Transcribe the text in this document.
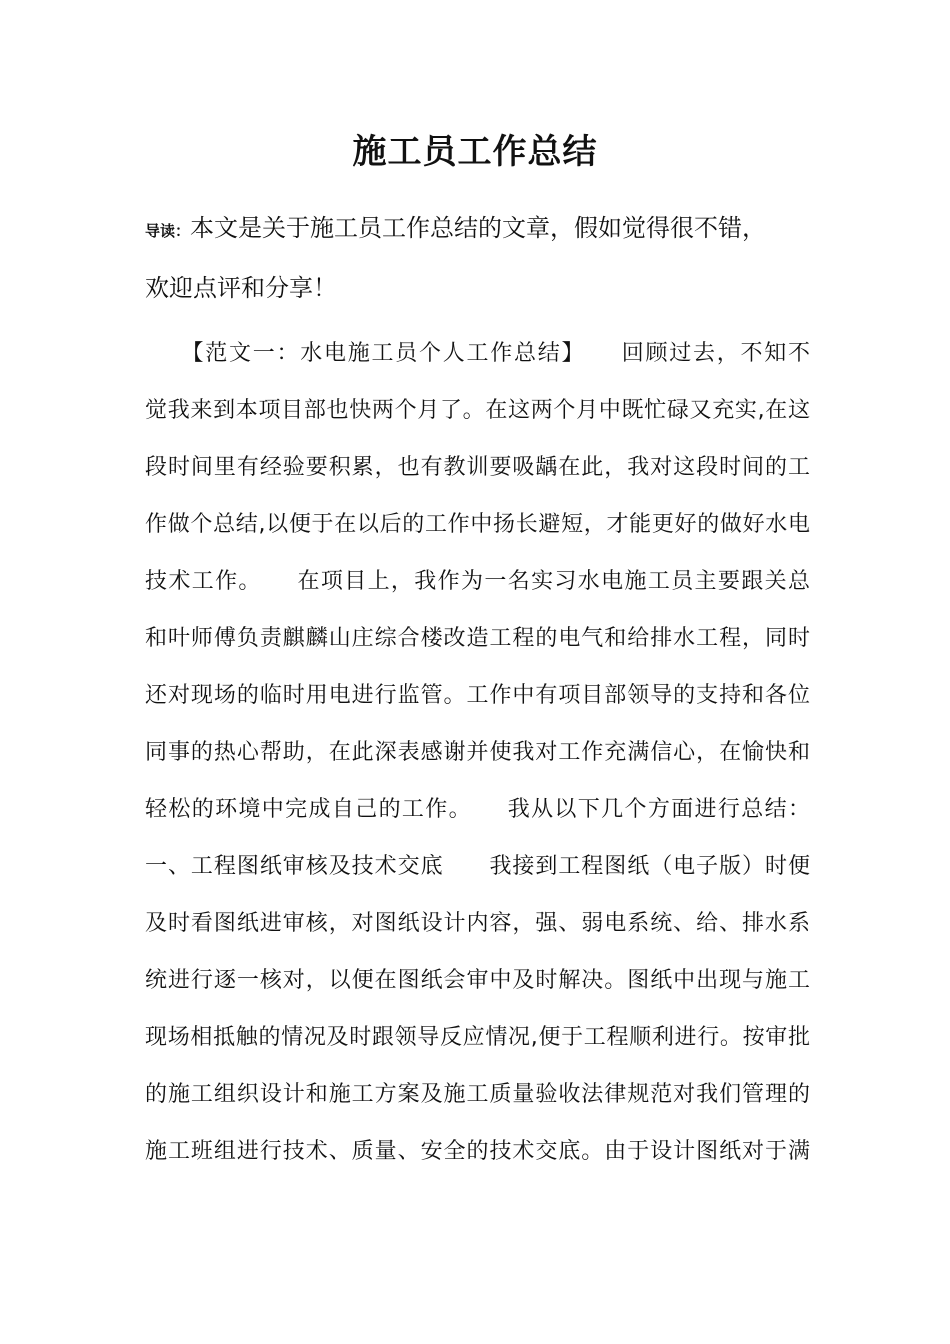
施工员工作总结
导读：本文是关于施工员工作总结的文章，假如觉得很不错，
欢迎点评和分享！
　　【范文一：水电施工员个人工作总结】　　回顾过去，不知不
觉我来到本项目部也快两个月了。在这两个月中既忙碌又充实,在这
段时间里有经验要积累，也有教训要吸龋在此，我对这段时间的工
作做个总结,以便于在以后的工作中扬长避短，才能更好的做好水电
技术工作。　　在项目上，我作为一名实习水电施工员主要跟关总
和叶师傅负责麒麟山庄综合楼改造工程的电气和给排水工程，同时
还对现场的临时用电进行监管。工作中有项目部领导的支持和各位
同事的热心帮助，在此深表感谢并使我对工作充满信心，在愉快和
轻松的环境中完成自己的工作。　　我从以下几个方面进行总结：
一、工程图纸审核及技术交底　　我接到工程图纸（电子版）时便
及时看图纸进审核，对图纸设计内容，强、弱电系统、给、排水系
统进行逐一核对，以便在图纸会审中及时解决。图纸中出现与施工
现场相抵触的情况及时跟领导反应情况,便于工程顺利进行。按审批
的施工组织设计和施工方案及施工质量验收法律规范对我们管理的
施工班组进行技术、质量、安全的技术交底。由于设计图纸对于满
